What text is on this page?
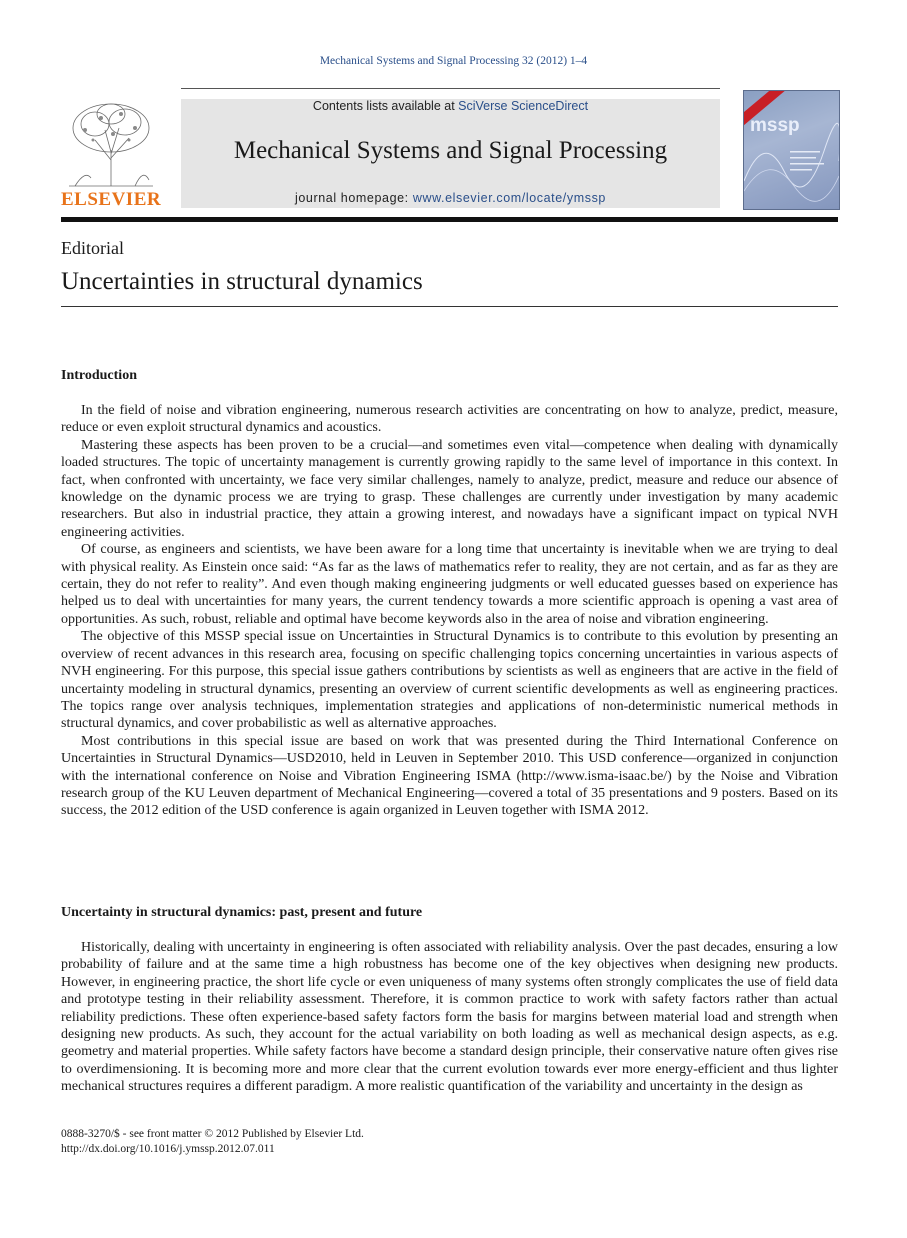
Mechanical Systems and Signal Processing 32 (2012) 1–4
ELSEVIER
Contents lists available at SciVerse ScienceDirect
Mechanical Systems and Signal Processing
journal homepage: www.elsevier.com/locate/ymssp
mssp
Editorial
Uncertainties in structural dynamics
Introduction

In the field of noise and vibration engineering, numerous research activities are concentrating on how to analyze, predict, measure, reduce or even exploit structural dynamics and acoustics.

Mastering these aspects has been proven to be a crucial—and sometimes even vital—competence when dealing with dynamically loaded structures. The topic of uncertainty management is currently growing rapidly to the same level of importance in this context. In fact, when confronted with uncertainty, we face very similar challenges, namely to analyze, predict, measure and reduce our absence of knowledge on the dynamic process we are trying to grasp. These challenges are currently under investigation by many academic researchers. But also in industrial practice, they attain a growing interest, and nowadays have a significant impact on typical NVH engineering activities.

Of course, as engineers and scientists, we have been aware for a long time that uncertainty is inevitable when we are trying to deal with physical reality. As Einstein once said: “As far as the laws of mathematics refer to reality, they are not certain, and as far as they are certain, they do not refer to reality”. And even though making engineering judgments or well educated guesses based on experience has helped us to deal with uncertainties for many years, the current tendency towards a more scientific approach is opening a vast area of opportunities. As such, robust, reliable and optimal have become keywords also in the area of noise and vibration engineering.

The objective of this MSSP special issue on Uncertainties in Structural Dynamics is to contribute to this evolution by presenting an overview of recent advances in this research area, focusing on specific challenging topics concerning uncertainties in various aspects of NVH engineering. For this purpose, this special issue gathers contributions by scientists as well as engineers that are active in the field of uncertainty modeling in structural dynamics, presenting an overview of current scientific developments as well as engineering practices. The topics range over analysis techniques, implementation strategies and applications of non-deterministic numerical methods in structural dynamics, and cover probabilistic as well as alternative approaches.

Most contributions in this special issue are based on work that was presented during the Third International Conference on Uncertainties in Structural Dynamics—USD2010, held in Leuven in September 2010. This USD conference—organized in conjunction with the international conference on Noise and Vibration Engineering ISMA (http://www.isma-isaac.be/) by the Noise and Vibration research group of the KU Leuven department of Mechanical Engineering—covered a total of 35 presentations and 9 posters. Based on its success, the 2012 edition of the USD conference is again organized in Leuven together with ISMA 2012.

Uncertainty in structural dynamics: past, present and future

Historically, dealing with uncertainty in engineering is often associated with reliability analysis. Over the past decades, ensuring a low probability of failure and at the same time a high robustness has become one of the key objectives when designing new products. However, in engineering practice, the short life cycle or even uniqueness of many systems often strongly complicates the use of field data and prototype testing in their reliability assessment. Therefore, it is common practice to work with safety factors rather than actual reliability predictions. These often experience-based safety factors form the basis for margins between material load and strength when designing new products. As such, they account for the actual variability on both loading as well as mechanical design aspects, as e.g. geometry and material properties. While safety factors have become a standard design principle, their conservative nature often gives rise to overdimensioning. It is becoming more and more clear that the current evolution towards ever more energy-efficient and thus lighter mechanical structures requires a different paradigm. A more realistic quantification of the variability and uncertainty in the design as

0888-3270/$ - see front matter © 2012 Published by Elsevier Ltd.
http://dx.doi.org/10.1016/j.ymssp.2012.07.011
